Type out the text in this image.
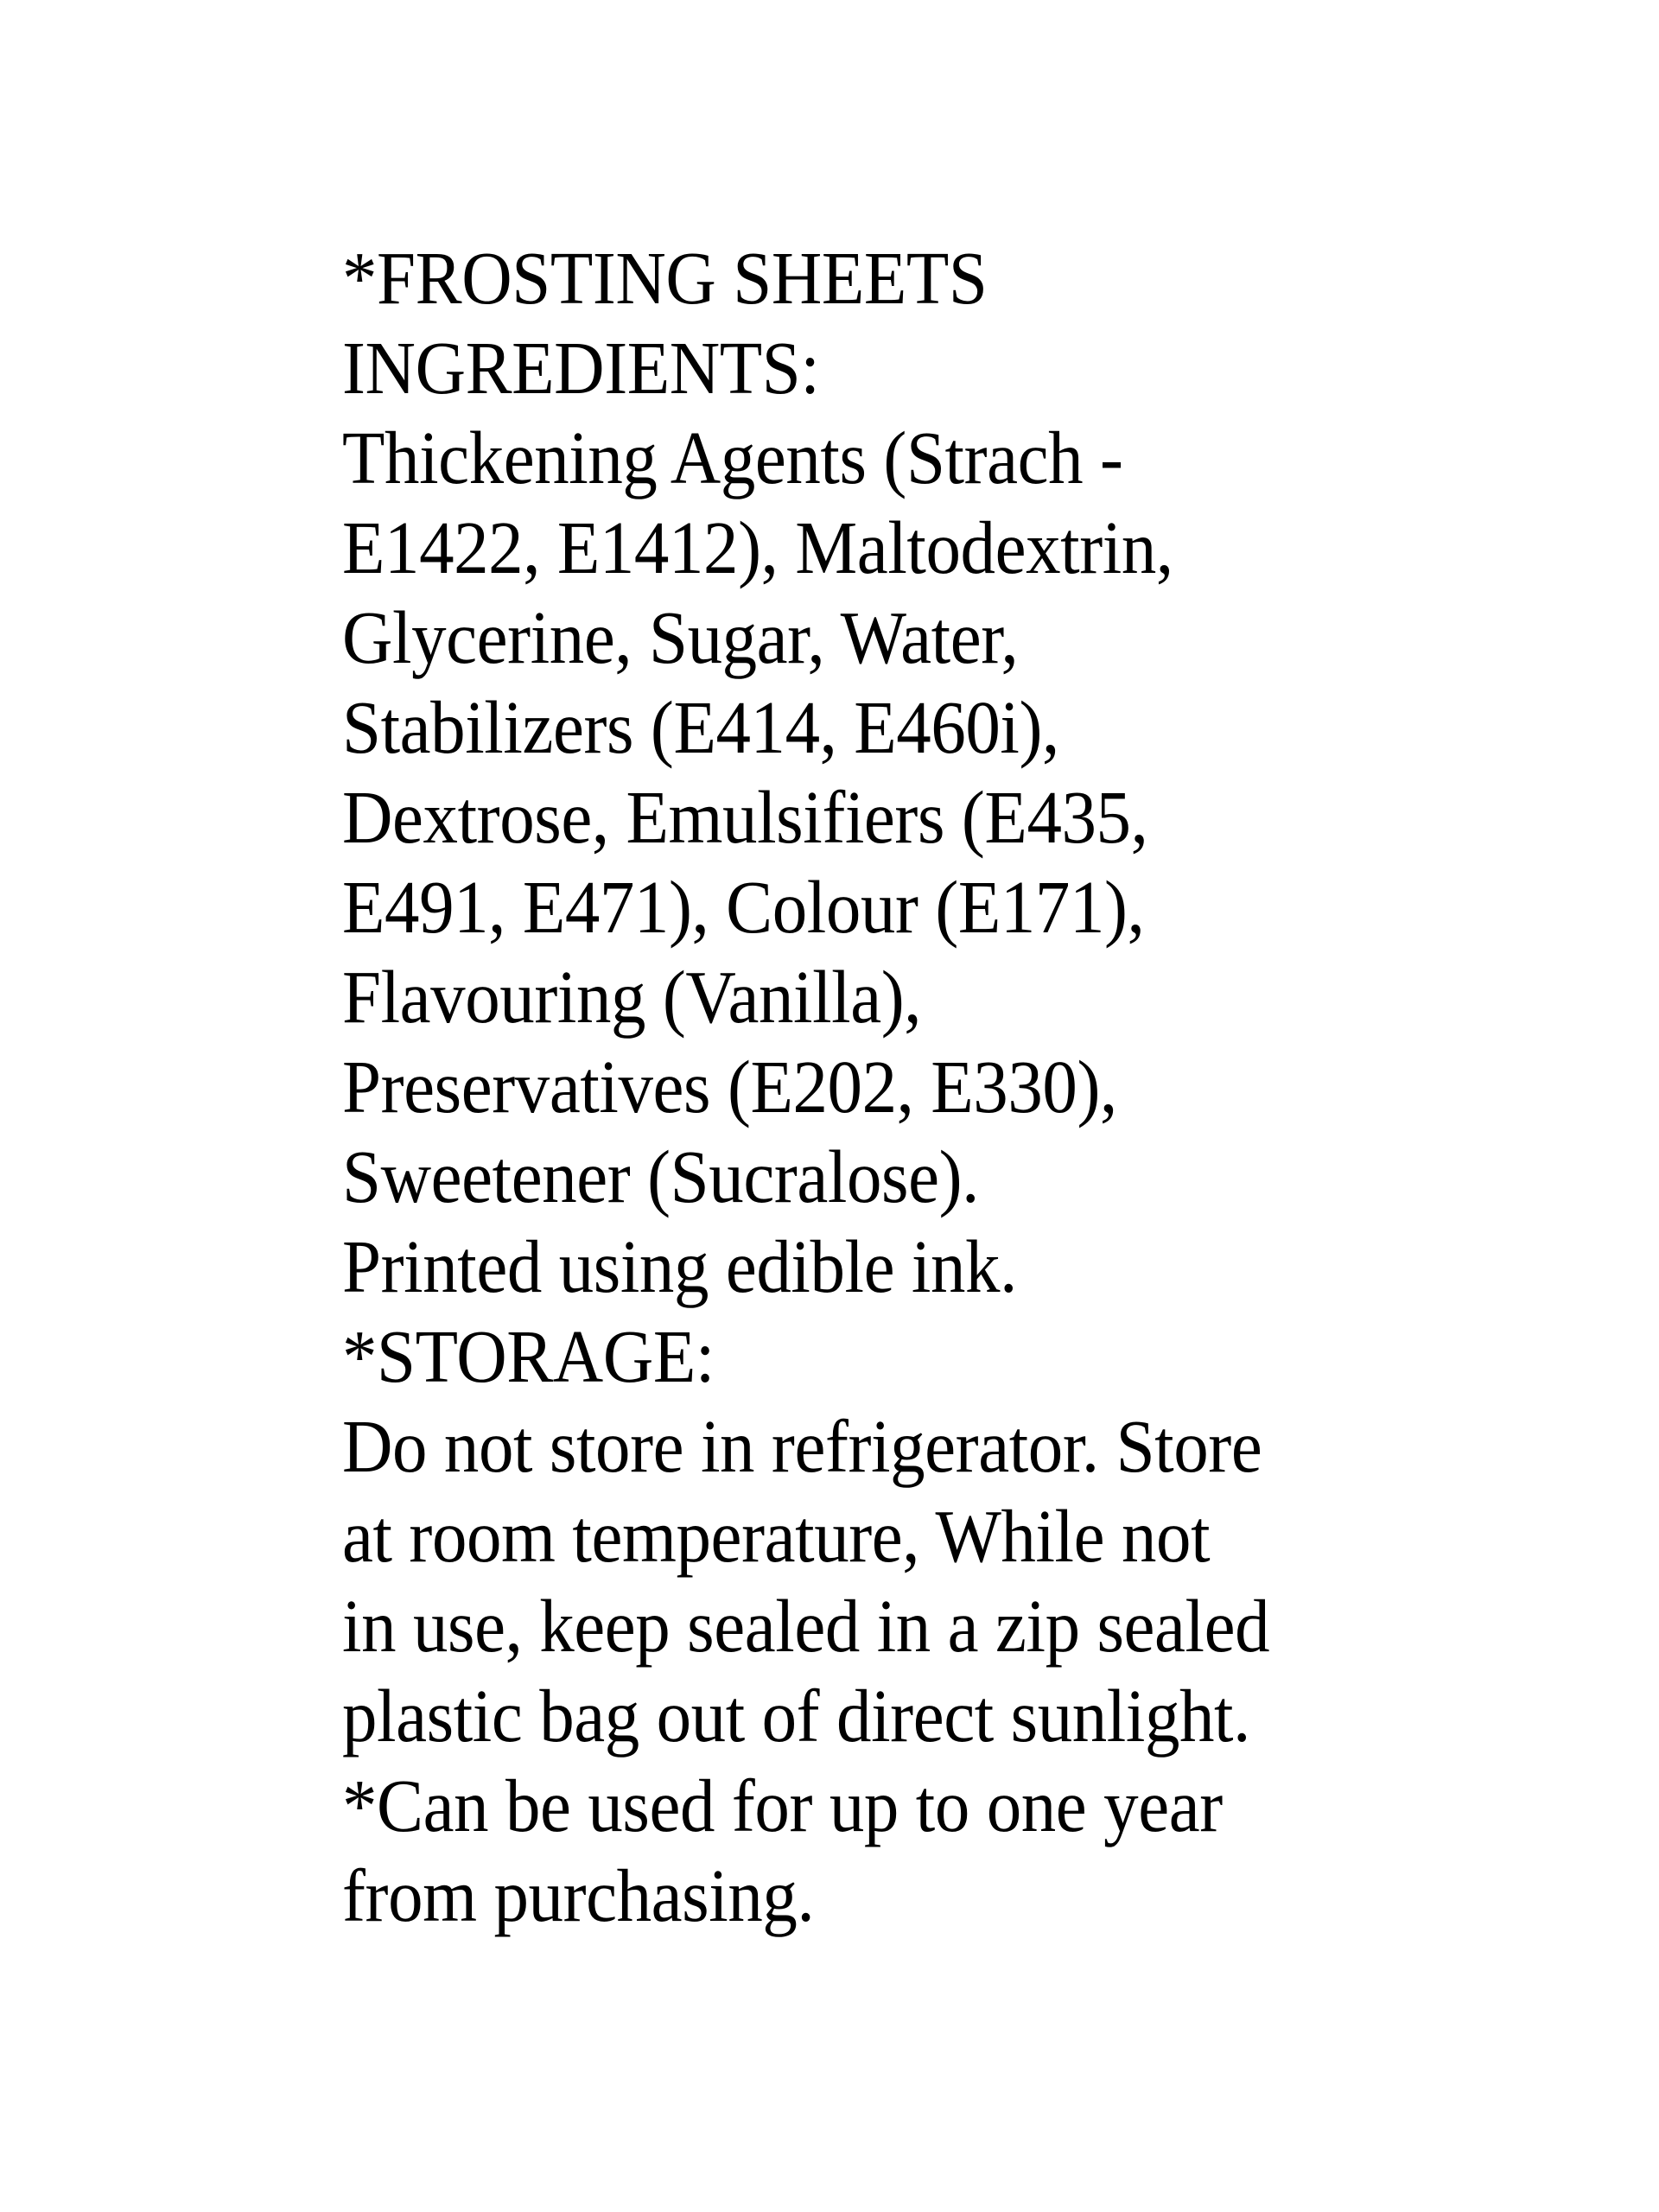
*FROSTING SHEETS
INGREDIENTS:
Thickening Agents (Strach -
E1422, E1412), Maltodextrin,
Glycerine, Sugar, Water,
Stabilizers (E414, E460i),
Dextrose, Emulsifiers (E435,
E491, E471), Colour (E171),
Flavouring (Vanilla),
Preservatives (E202, E330),
Sweetener (Sucralose).
Printed using edible ink.
*STORAGE:
Do not store in refrigerator. Store
at room temperature, While not
in use, keep sealed in a zip sealed
plastic bag out of direct sunlight.
*Can be used for up to one year
from purchasing.
